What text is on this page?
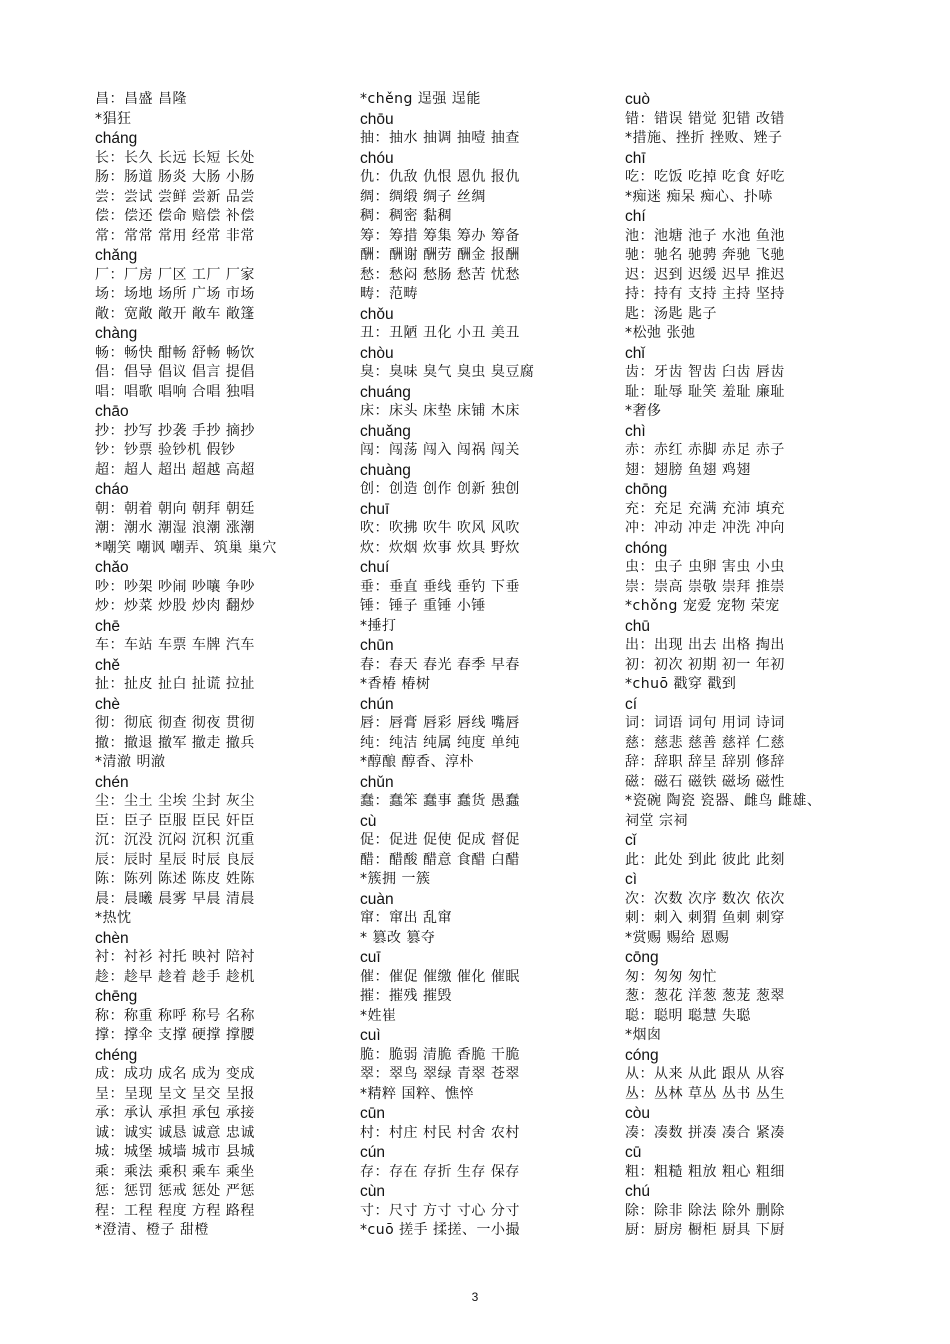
昌：昌盛 昌隆
*猖狂
cháng
长：长久 长远 长短 长处
肠：肠道 肠炎 大肠 小肠
尝：尝试 尝鲜 尝新 品尝
偿：偿还 偿命 赔偿 补偿
常：常常 常用 经常 非常
chǎng
厂：厂房 厂区 工厂 厂家
场：场地 场所 广场 市场
敞：宽敞 敞开 敞车 敞篷
chàng
畅：畅快 酣畅 舒畅 畅饮
倡：倡导 倡议 倡言 提倡
唱：唱歌 唱响 合唱 独唱
chāo
抄：抄写 抄袭 手抄 摘抄
钞：钞票 验钞机 假钞
超：超人 超出 超越 高超
cháo
朝：朝着 朝向 朝拜 朝廷
潮：潮水 潮湿 浪潮 涨潮
*嘲笑 嘲讽 嘲弄、筑巢 巢穴
chǎo
吵：吵架 吵闹 吵嚷 争吵
炒：炒菜 炒股 炒肉 翻炒
chē
车：车站 车票 车牌 汽车
chě
扯：扯皮 扯白 扯谎 拉扯
chè
彻：彻底 彻查 彻夜 贯彻
撤：撤退 撤军 撤走 撤兵
*清澈 明澈
chén
尘：尘土 尘埃 尘封 灰尘
臣：臣子 臣服 臣民 奸臣
沉：沉没 沉闷 沉积 沉重
辰：辰时 星辰 时辰 良辰
陈：陈列 陈述 陈皮 姓陈
晨：晨曦 晨雾 早晨 清晨
*热忱
chèn
衬：衬衫 衬托 映衬 陪衬
趁：趁早 趁着 趁手 趁机
chēng
称：称重 称呼 称号 名称
撑：撑伞 支撑 硬撑 撑腰
chéng
成：成功 成名 成为 变成
呈：呈现 呈文 呈交 呈报
承：承认 承担 承包 承接
诚：诚实 诚恳 诚意 忠诚
城：城堡 城墙 城市 县城
乘：乘法 乘积 乘车 乘坐
惩：惩罚 惩戒 惩处 严惩
程：工程 程度 方程 路程
*澄清、橙子 甜橙
*chěng 逞强 逞能
chōu
抽：抽水 抽调 抽噎 抽查
chóu
仇：仇敌 仇恨 恩仇 报仇
绸：绸缎 绸子 丝绸
稠：稠密 黏稠
筹：筹措 筹集 筹办 筹备
酬：酬谢 酬劳 酬金 报酬
愁：愁闷 愁肠 愁苦 忧愁
畴：范畴
chǒu
丑：丑陋 丑化 小丑 美丑
chòu
臭：臭味 臭气 臭虫 臭豆腐
chuáng
床：床头 床垫 床铺 木床
chuǎng
闯：闯荡 闯入 闯祸 闯关
chuàng
创：创造 创作 创新 独创
chuī
吹：吹拂 吹牛 吹风 风吹
炊：炊烟 炊事 炊具 野炊
chuí
垂：垂直 垂线 垂钓 下垂
锤：锤子 重锤 小锤
*捶打
chūn
春：春天 春光 春季 早春
*香椿 椿树
chún
唇：唇膏 唇彩 唇线 嘴唇
纯：纯洁 纯属 纯度 单纯
*醇酿 醇香、淳朴
chǔn
蠢：蠢笨 蠢事 蠢货 愚蠢
cù
促：促进 促使 促成 督促
醋：醋酸 醋意 食醋 白醋
*簇拥 一簇
cuàn
窜：窜出 乱窜
* 篡改 篡夺
cuī
催：催促 催缴 催化 催眠
摧：摧残 摧毁
*姓崔
cuì
脆：脆弱 清脆 香脆 干脆
翠：翠鸟 翠绿 青翠 苍翠
*精粹 国粹、憔悴
cūn
村：村庄 村民 村舍 农村
cún
存：存在 存折 生存 保存
cùn
寸：尺寸 方寸 寸心 分寸
*cuō 搓手 揉搓、一小撮
cuò
错：错误 错觉 犯错 改错
*措施、挫折 挫败、矬子
chī
吃：吃饭 吃掉 吃食 好吃
*痴迷 痴呆 痴心、扑哧
chí
池：池塘 池子 水池 鱼池
驰：驰名 驰骋 奔驰 飞驰
迟：迟到 迟缓 迟早 推迟
持：持有 支持 主持 坚持
匙：汤匙 匙子
*松弛 张弛
chǐ
齿：牙齿 智齿 臼齿 唇齿
耻：耻辱 耻笑 羞耻 廉耻
*奢侈
chì
赤：赤红 赤脚 赤足 赤子
翅：翅膀 鱼翅 鸡翅
chōng
充：充足 充满 充沛 填充
冲：冲动 冲走 冲洗 冲向
chóng
虫：虫子 虫卵 害虫 小虫
崇：崇高 崇敬 崇拜 推崇
*chǒng 宠爱 宠物 荣宠
chū
出：出现 出去 出格 掏出
初：初次 初期 初一 年初
*chuō 戳穿 戳到
cí
词：词语 词句 用词 诗词
慈：慈悲 慈善 慈祥 仁慈
辞：辞职 辞呈 辞别 修辞
磁：磁石 磁铁 磁场 磁性
*瓷碗 陶瓷 瓷器、雌鸟 雌雄、
祠堂 宗祠
cǐ
此：此处 到此 彼此 此刻
cì
次：次数 次序 数次 依次
刺：刺入 刺猬 鱼刺 刺穿
*赏赐 赐给 恩赐
cōng
匆：匆匆 匆忙
葱：葱花 洋葱 葱茏 葱翠
聪：聪明 聪慧 失聪
*烟囱
cóng
从：从来 从此 跟从 从容
丛：丛林 草丛 丛书 丛生
còu
凑：凑数 拼凑 凑合 紧凑
cū
粗：粗糙 粗放 粗心 粗细
chú
除：除非 除法 除外 删除
厨：厨房 橱柜 厨具 下厨
3
